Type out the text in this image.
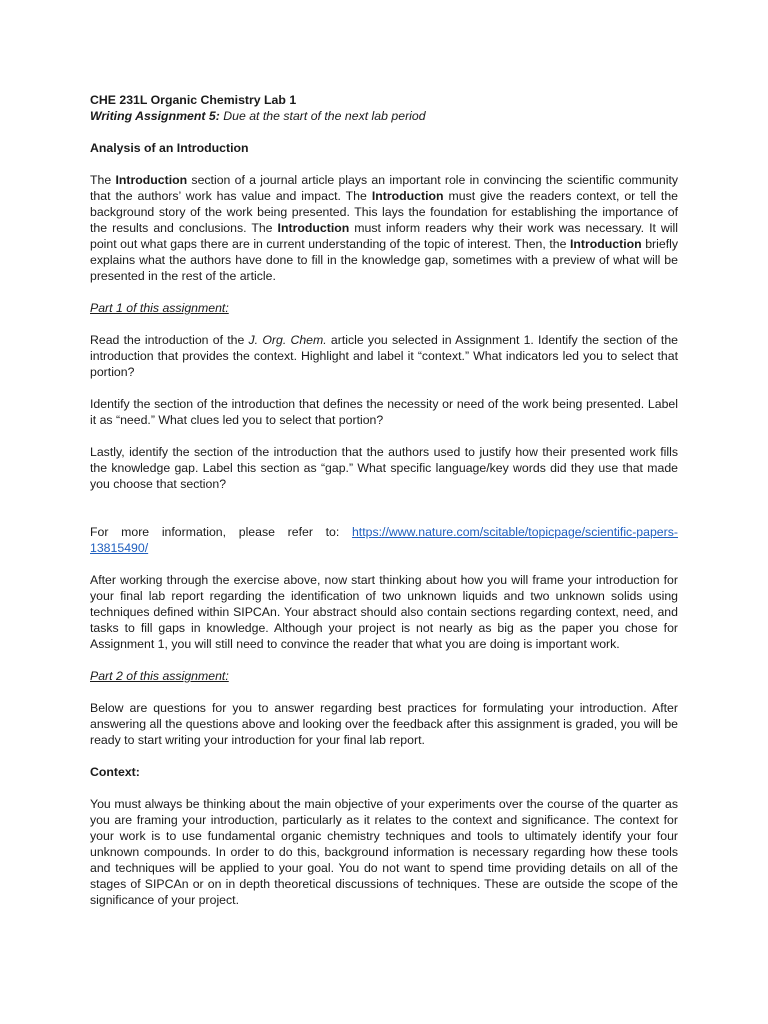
CHE 231L Organic Chemistry Lab 1

Writing Assignment 5: Due at the start of the next lab period

Analysis of an Introduction

The Introduction section of a journal article plays an important role in convincing the scientific community that the authors’ work has value and impact. The Introduction must give the readers context, or tell the background story of the work being presented. This lays the foundation for establishing the importance of the results and conclusions. The Introduction must inform readers why their work was necessary. It will point out what gaps there are in current understanding of the topic of interest. Then, the Introduction briefly explains what the authors have done to fill in the knowledge gap, sometimes with a preview of what will be presented in the rest of the article.

Part 1 of this assignment:

Read the introduction of the J. Org. Chem. article you selected in Assignment 1. Identify the section of the introduction that provides the context. Highlight and label it “context.” What indicators led you to select that portion?

Identify the section of the introduction that defines the necessity or need of the work being presented. Label it as “need.” What clues led you to select that portion?

Lastly, identify the section of the introduction that the authors used to justify how their presented work fills the knowledge gap. Label this section as “gap.” What specific language/key words did they use that made you choose that section?

For more information, please refer to: https://www.nature.com/scitable/topicpage/scientific-papers-13815490/

After working through the exercise above, now start thinking about how you will frame your introduction for your final lab report regarding the identification of two unknown liquids and two unknown solids using techniques defined within SIPCAn. Your abstract should also contain sections regarding context, need, and tasks to fill gaps in knowledge. Although your project is not nearly as big as the paper you chose for Assignment 1, you will still need to convince the reader that what you are doing is important work.

Part 2 of this assignment:

Below are questions for you to answer regarding best practices for formulating your introduction. After answering all the questions above and looking over the feedback after this assignment is graded, you will be ready to start writing your introduction for your final lab report.

Context:

You must always be thinking about the main objective of your experiments over the course of the quarter as you are framing your introduction, particularly as it relates to the context and significance. The context for your work is to use fundamental organic chemistry techniques and tools to ultimately identify your four unknown compounds. In order to do this, background information is necessary regarding how these tools and techniques will be applied to your goal. You do not want to spend time providing details on all of the stages of SIPCAn or on in depth theoretical discussions of techniques. These are outside the scope of the significance of your project.
